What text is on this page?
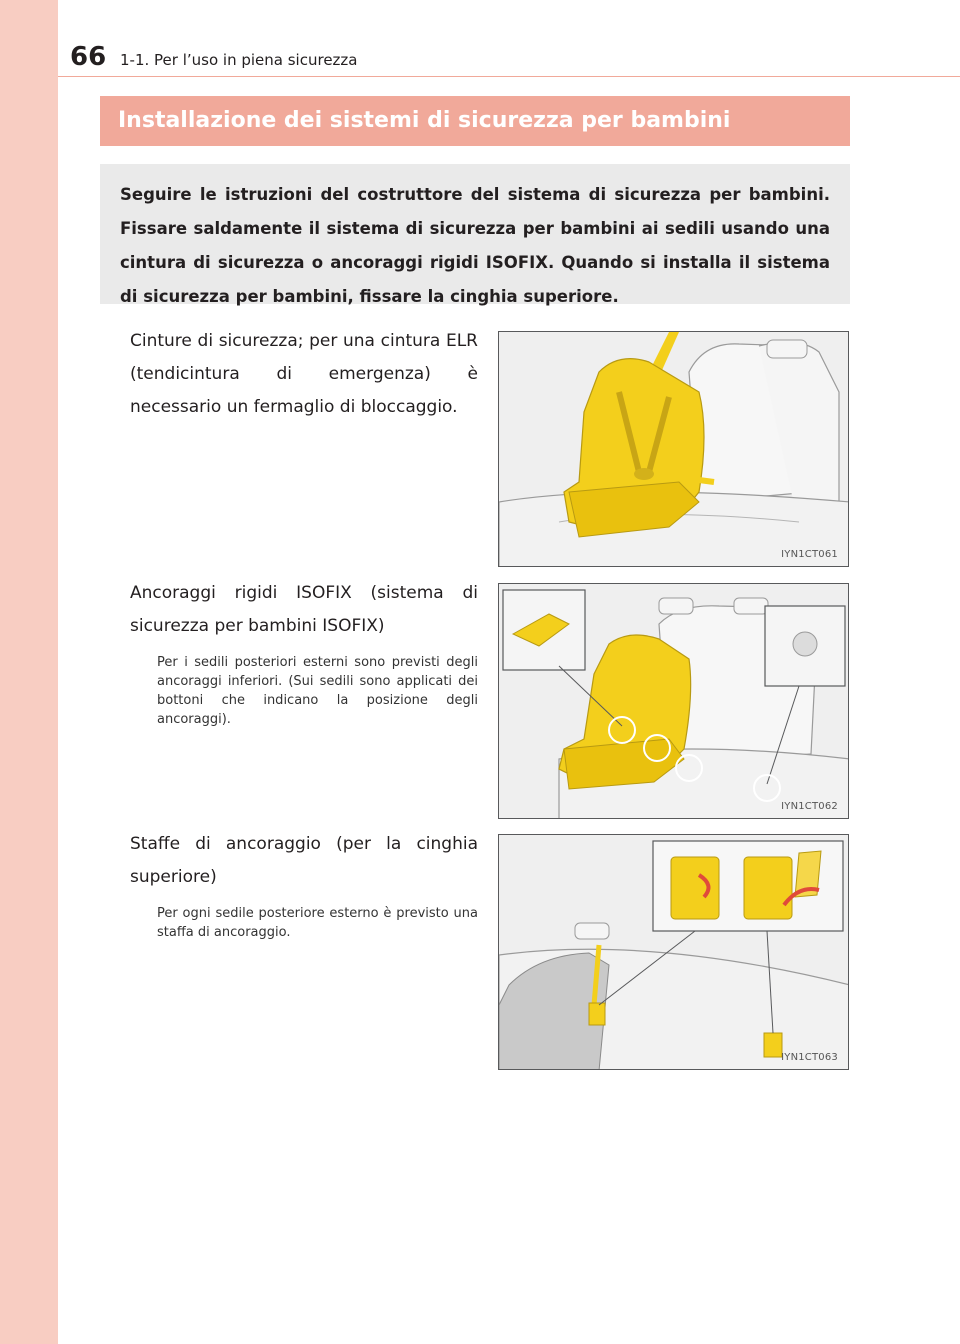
66 1-1. Per l’uso in piena sicurezza
Installazione dei sistemi di sicurezza per bambini

Seguire le istruzioni del costruttore del sistema di sicurezza per bambini. Fissare saldamente il sistema di sicurezza per bambini ai sedili usando una cintura di sicurezza o ancoraggi rigidi ISOFIX. Quando si installa il sistema di sicurezza per bambini, fissare la cinghia superiore.

Cinture di sicurezza; per una cintura ELR (tendicintura di emergenza) è necessario un fermaglio di bloccaggio.
IYN1CT061
Ancoraggi rigidi ISOFIX (sistema di sicurezza per bambini ISOFIX)
Per i sedili posteriori esterni sono previsti degli ancoraggi inferiori. (Sui sedili sono applicati dei bottoni che indicano la posizione degli ancoraggi).
IYN1CT062
Staffe di ancoraggio (per la cinghia superiore)
Per ogni sedile posteriore esterno è previsto una staffa di ancoraggio.
IYN1CT063
